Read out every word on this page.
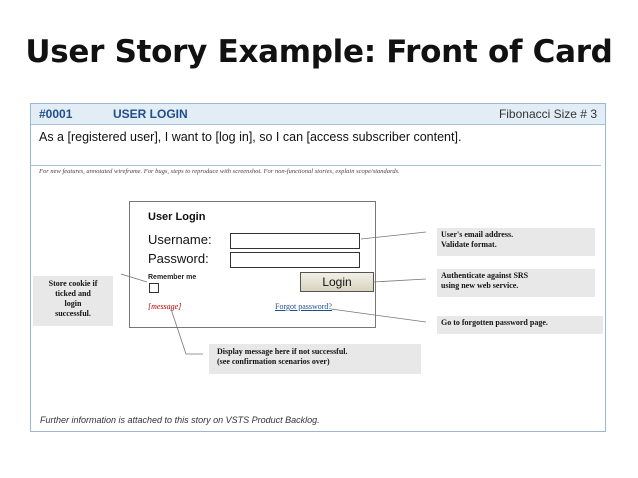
User Story Example: Front of Card
#0001	USER LOGIN	Fibonacci Size # 3
As a [registered user], I want to [log in], so I can [access subscriber content].
For new features, annotated wireframe. For bugs, steps to reproduce with screenshot. For non-functional stories, explain scope/standards.
User Login
Username:
Password:
Remember me	Login
[message]	Forgot password?
User's email address.
Validate format.
Authenticate against SRS
using new web service.
Go to forgotten password page.
Store cookie if
ticked and
login
successful.
Display message here if not successful.
(see confirmation scenarios over)
Further information is attached to this story on VSTS Product Backlog.
